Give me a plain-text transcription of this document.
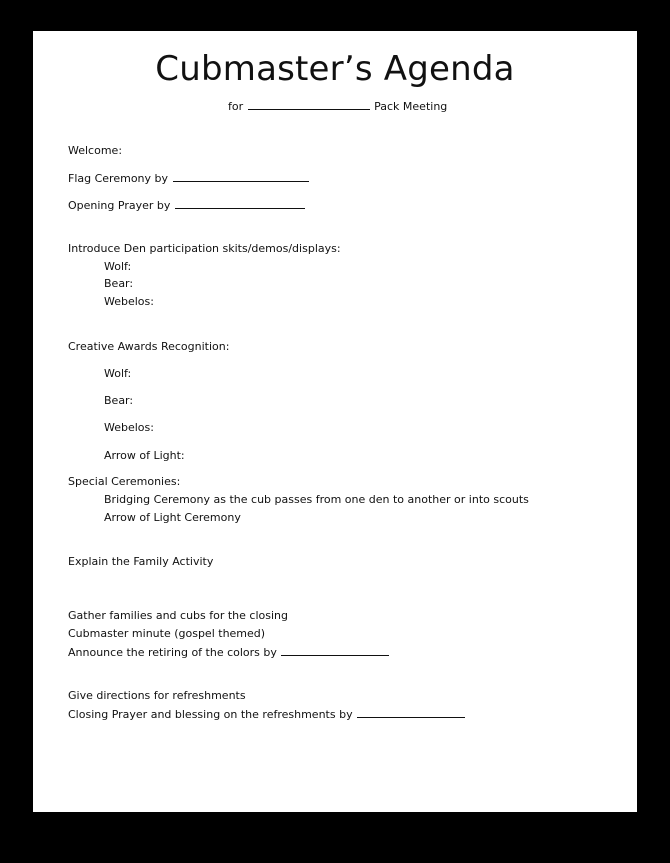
Cubmaster’s Agenda
for	Pack Meeting
Welcome:
Flag Ceremony by
Opening Prayer by
Introduce Den participation skits/demos/displays:
Wolf:
Bear:
Webelos:
Creative Awards Recognition:
Wolf:
Bear:
Webelos:
Arrow of Light:
Special Ceremonies:
Bridging Ceremony as the cub passes from one den to another or into scouts
Arrow of Light Ceremony
Explain the Family Activity
Gather families and cubs for the closing
Cubmaster minute (gospel themed)
Announce the retiring of the colors by
Give directions for refreshments
Closing Prayer and blessing on the refreshments by
